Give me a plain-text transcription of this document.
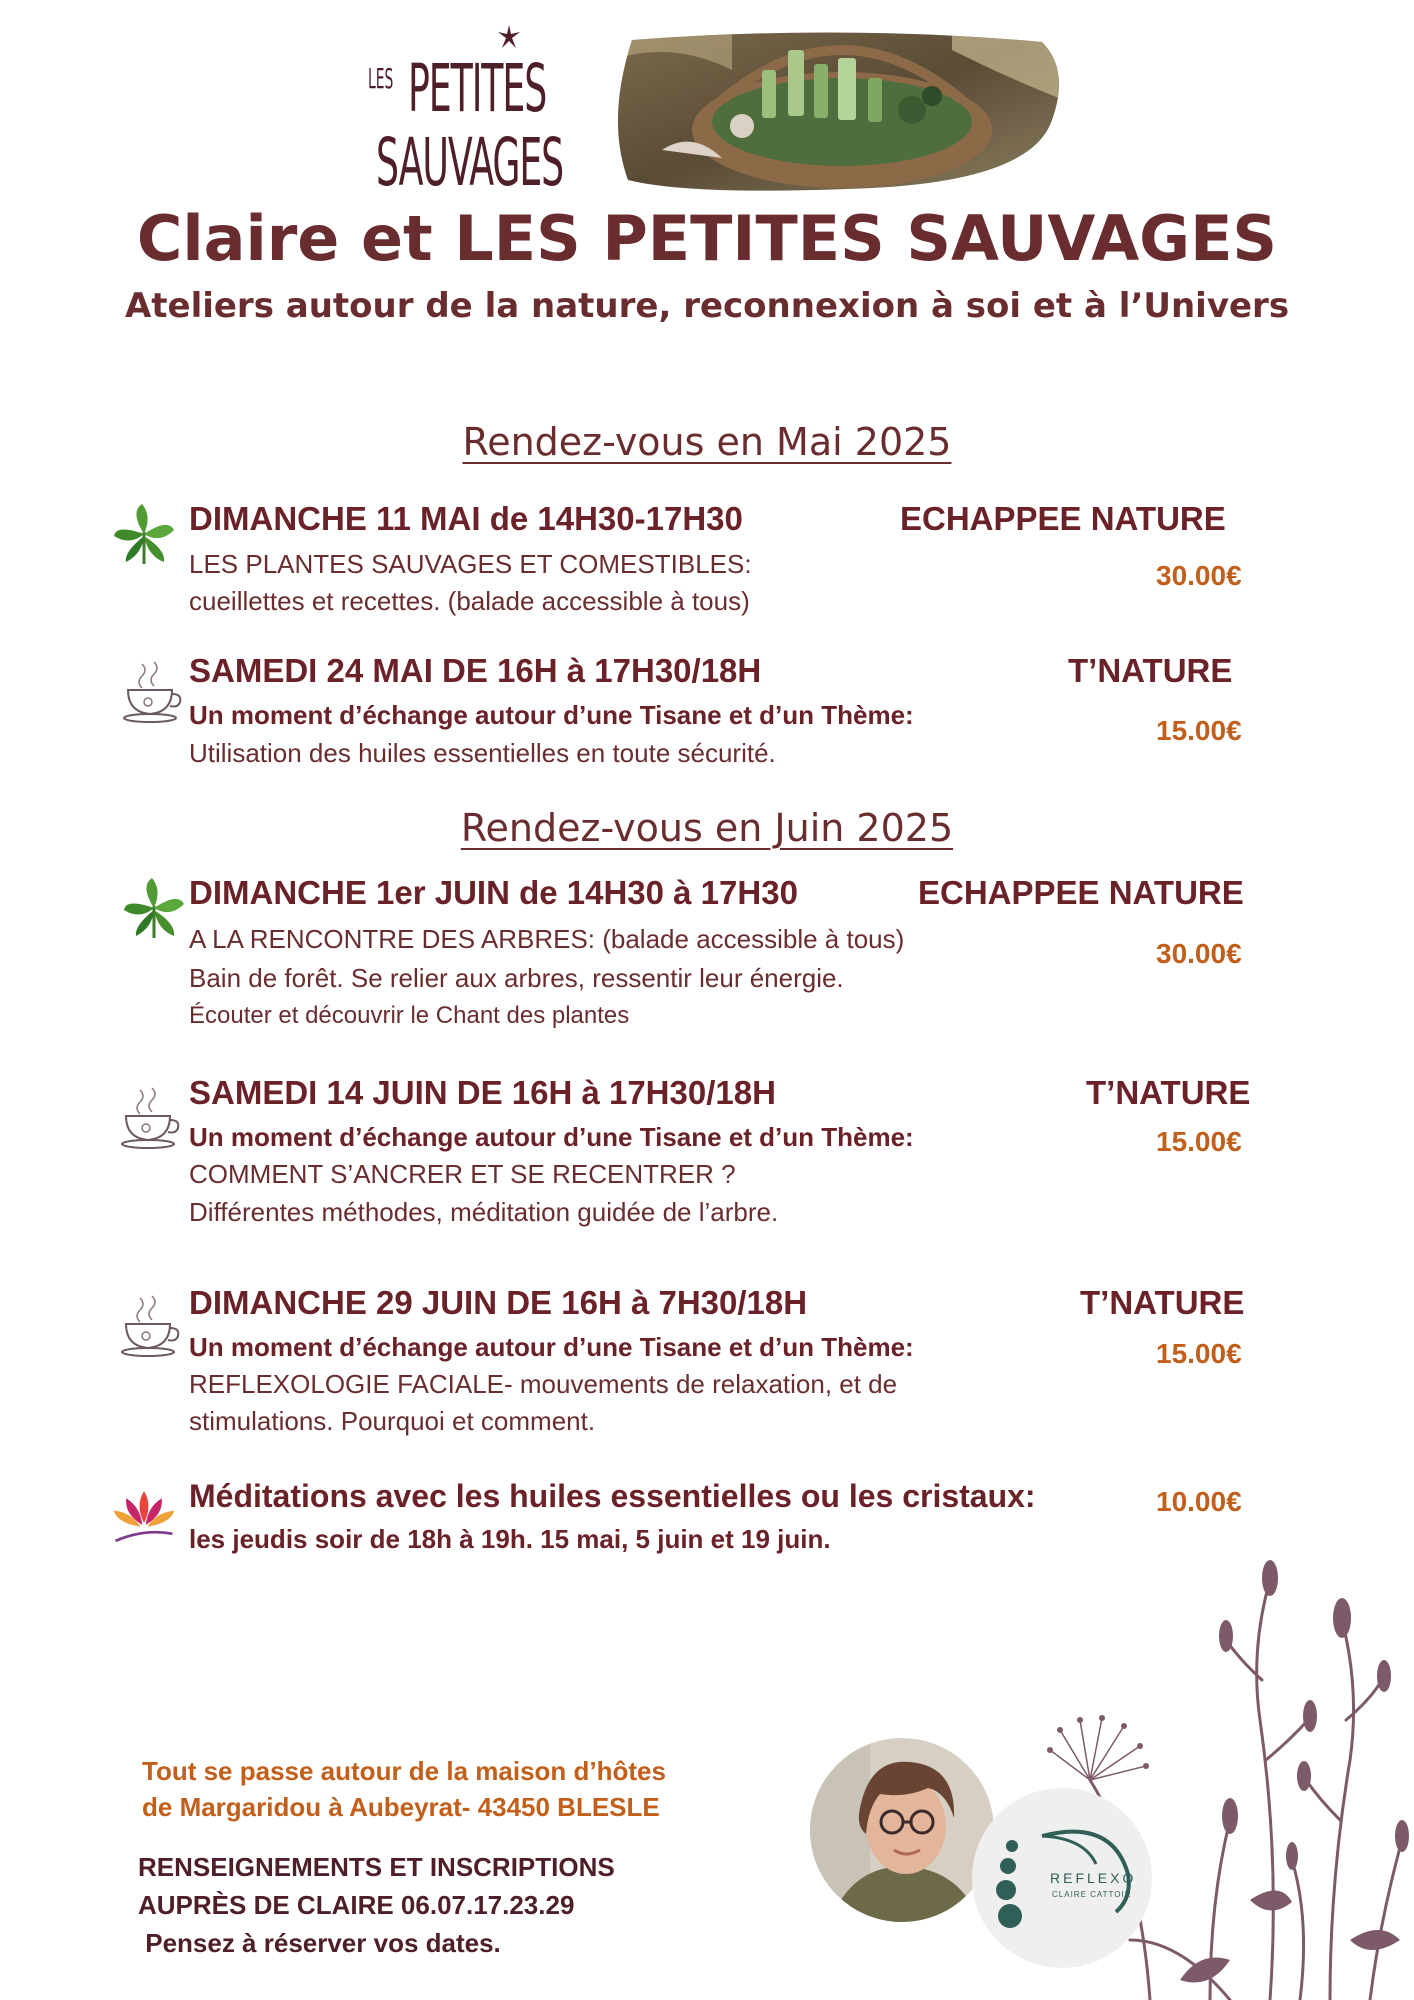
LES PETITES
SAUVAGES
Claire et LES PETITES SAUVAGES
Ateliers autour de la nature, reconnexion à soi et à l’Univers
Rendez-vous en Mai 2025
DIMANCHE 11 MAI de 14H30-17H30	ECHAPPEE NATURE
LES PLANTES SAUVAGES ET COMESTIBLES:
cueillettes et recettes. (balade accessible à tous)
30.00€
SAMEDI 24 MAI DE 16H à 17H30/18H	T’NATURE
Un moment d’échange autour d’une Tisane et d’un Thème:
Utilisation des huiles essentielles en toute sécurité.
15.00€
Rendez-vous en Juin 2025
DIMANCHE 1er JUIN de 14H30 à 17H30	ECHAPPEE NATURE
A LA RENCONTRE DES ARBRES: (balade accessible à tous)
Bain de forêt. Se relier aux arbres, ressentir leur énergie.
Écouter et découvrir le Chant des plantes
30.00€
SAMEDI 14 JUIN DE 16H à 17H30/18H	T’NATURE
Un moment d’échange autour d’une Tisane et d’un Thème:
COMMENT S’ANCRER ET SE RECENTRER ?
Différentes méthodes, méditation guidée de l’arbre.
15.00€
DIMANCHE 29 JUIN DE 16H à 7H30/18H	T’NATURE
Un moment d’échange autour d’une Tisane et d’un Thème:
REFLEXOLOGIE FACIALE- mouvements de relaxation, et de
stimulations. Pourquoi et comment.
15.00€
Méditations avec les huiles essentielles ou les cristaux:
les jeudis soir de 18h à 19h. 15 mai, 5 juin et 19 juin.
10.00€
Tout se passe autour de la maison d’hôtes
de Margaridou à Aubeyrat- 43450 BLESLE
RENSEIGNEMENTS ET INSCRIPTIONS
AUPRÈS DE CLAIRE 06.07.17.23.29
Pensez à réserver vos dates.
REFLEXO
CLAIRE CATTOIR
